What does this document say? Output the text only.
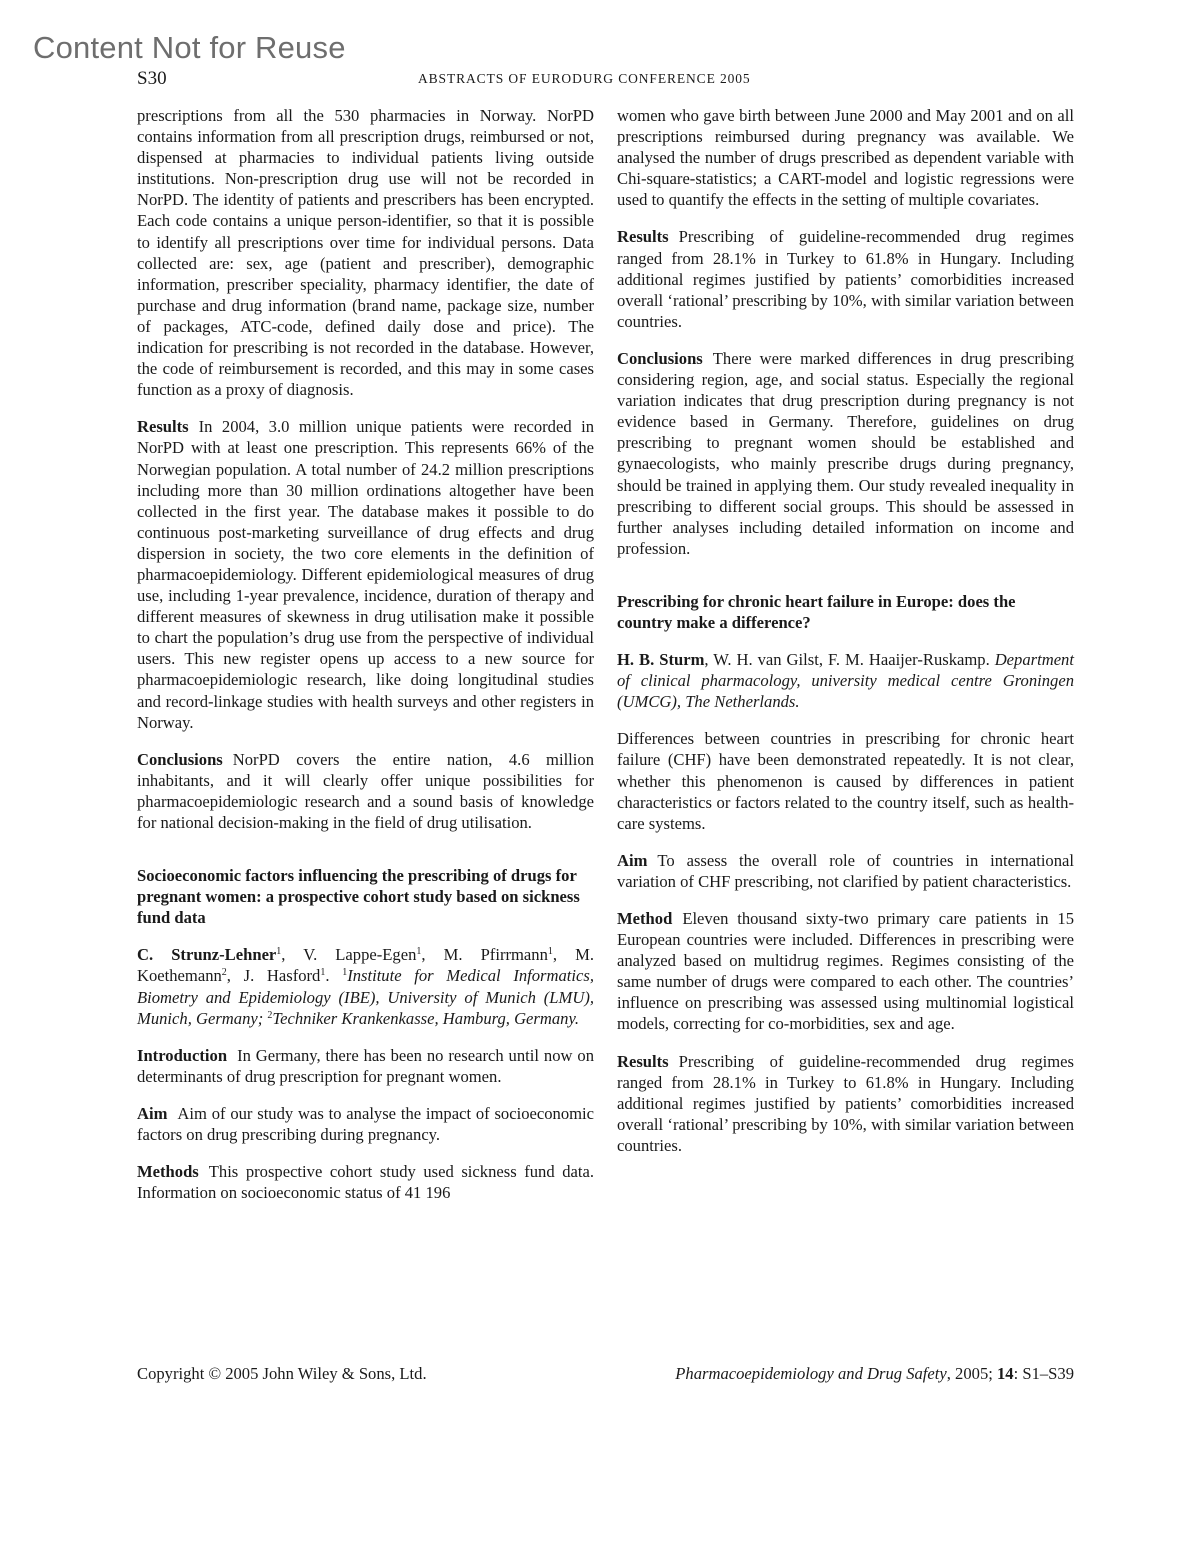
Content Not for Reuse
S30	ABSTRACTS OF EURODURG CONFERENCE 2005

prescriptions from all the 530 pharmacies in Norway. NorPD contains information from all prescription drugs, reimbursed or not, dispensed at pharmacies to individual patients living outside institutions. Non-prescription drug use will not be recorded in NorPD. The identity of patients and prescribers has been encrypted. Each code contains a unique person-identifier, so that it is possible to identify all prescriptions over time for individual persons. Data collected are: sex, age (patient and prescriber), demographic information, prescriber speciality, pharmacy identifier, the date of purchase and drug information (brand name, package size, number of packages, ATC-code, defined daily dose and price). The indication for prescribing is not recorded in the database. However, the code of reimbursement is recorded, and this may in some cases function as a proxy of diagnosis.

Results In 2004, 3.0 million unique patients were recorded in NorPD with at least one prescription. This represents 66% of the Norwegian population. A total number of 24.2 million prescriptions including more than 30 million ordinations altogether have been collected in the first year. The database makes it possible to do continuous post-marketing surveillance of drug effects and drug dispersion in society, the two core elements in the definition of pharmacoepidemiology. Different epidemiological measures of drug use, including 1-year prevalence, incidence, duration of therapy and different measures of skewness in drug utilisation make it possible to chart the population’s drug use from the perspective of individual users. This new register opens up access to a new source for pharmacoepidemiologic research, like doing longitudinal studies and record-linkage studies with health surveys and other registers in Norway.

Conclusions NorPD covers the entire nation, 4.6 million inhabitants, and it will clearly offer unique possibilities for pharmacoepidemiologic research and a sound basis of knowledge for national decision-making in the field of drug utilisation.

Socioeconomic factors influencing the prescribing of drugs for pregnant women: a prospective cohort study based on sickness fund data

C. Strunz-Lehner$^1$, V. Lappe-Egen$^1$, M. Pfirrmann$^1$, M. Koethemann$^2$, J. Hasford$^1$. $^1$Institute for Medical Informatics, Biometry and Epidemiology (IBE), University of Munich (LMU), Munich, Germany; $^2$Techniker Krankenkasse, Hamburg, Germany.

Introduction In Germany, there has been no research until now on determinants of drug prescription for pregnant women.

Aim Aim of our study was to analyse the impact of socioeconomic factors on drug prescribing during pregnancy.

Methods This prospective cohort study used sickness fund data. Information on socioeconomic status of 41 196

women who gave birth between June 2000 and May 2001 and on all prescriptions reimbursed during pregnancy was available. We analysed the number of drugs prescribed as dependent variable with Chi-square-statistics; a CART-model and logistic regressions were used to quantify the effects in the setting of multiple covariates.

Results Prescribing of guideline-recommended drug regimes ranged from 28.1% in Turkey to 61.8% in Hungary. Including additional regimes justified by patients’ comorbidities increased overall ‘rational’ prescribing by 10%, with similar variation between countries.

Conclusions There were marked differences in drug prescribing considering region, age, and social status. Especially the regional variation indicates that drug prescription during pregnancy is not evidence based in Germany. Therefore, guidelines on drug prescribing to pregnant women should be established and gynaecologists, who mainly prescribe drugs during pregnancy, should be trained in applying them. Our study revealed inequality in prescribing to different social groups. This should be assessed in further analyses including detailed information on income and profession.

Prescribing for chronic heart failure in Europe: does the country make a difference?

H. B. Sturm, W. H. van Gilst, F. M. Haaijer-Ruskamp. Department of clinical pharmacology, university medical centre Groningen (UMCG), The Netherlands.

Differences between countries in prescribing for chronic heart failure (CHF) have been demonstrated repeatedly. It is not clear, whether this phenomenon is caused by differences in patient characteristics or factors related to the country itself, such as health-care systems.

Aim To assess the overall role of countries in international variation of CHF prescribing, not clarified by patient characteristics.

Method Eleven thousand sixty-two primary care patients in 15 European countries were included. Differences in prescribing were analyzed based on multidrug regimes. Regimes consisting of the same number of drugs were compared to each other. The countries’ influence on prescribing was assessed using multinomial logistical models, correcting for co-morbidities, sex and age.

Results Prescribing of guideline-recommended drug regimes ranged from 28.1% in Turkey to 61.8% in Hungary. Including additional regimes justified by patients’ comorbidities increased overall ‘rational’ prescribing by 10%, with similar variation between countries.

Copyright © 2005 John Wiley & Sons, Ltd.	Pharmacoepidemiology and Drug Safety, 2005; 14: S1–S39
